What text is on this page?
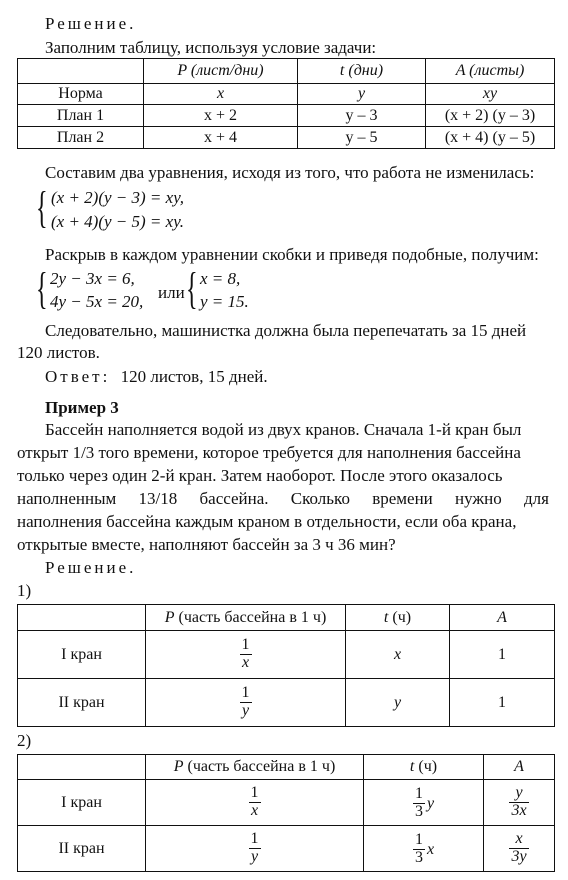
Решение.
Заполним таблицу, используя условие задачи:
	P (лист/дни)	t (дни)	A (листы)
Норма	x	y	xy
План 1	x + 2	y – 3	(x + 2) (y – 3)
План 2	x + 4	y – 5	(x + 4) (y – 5)
Составим два уравнения, исходя из того, что работа не изменилась:
{ (x + 2)(y − 3) = xy,
(x + 4)(y − 5) = xy.
Раскрыв в каждом уравнении скобки и приведя подобные, получим:
{ 2y − 3x = 6,
4y − 5x = 20, или { x = 8,
y = 15.
Следовательно, машинистка должна была перепечатать за 15 дней
120 листов.
Ответ: 120 листов, 15 дней.
Пример 3
Бассейн наполняется водой из двух кранов. Сначала 1-й кран был
открыт 1/3 того времени, которое требуется для наполнения бассейна
только через один 2-й кран. Затем наоборот. После этого оказалось
наполненным 13/18 бассейна. Сколько времени нужно для
наполнения бассейна каждым краном в отдельности, если оба крана,
открытые вместе, наполняют бассейн за 3 ч 36 мин?
Решение.
1)
	P (часть бассейна в 1 ч)	t (ч)	A
I кран	$\frac{1}{x}$	x	1
II кран	$\frac{1}{y}$	y	1
2)
	P (часть бассейна в 1 ч)	t (ч)	A
I кран	$\frac{1}{x}$	$\frac{1}{3}$ y	$\frac{y}{3x}$

II кран	$\frac{1}{y}$	$\frac{1}{3}$ x	$\frac{x}{3y}$
